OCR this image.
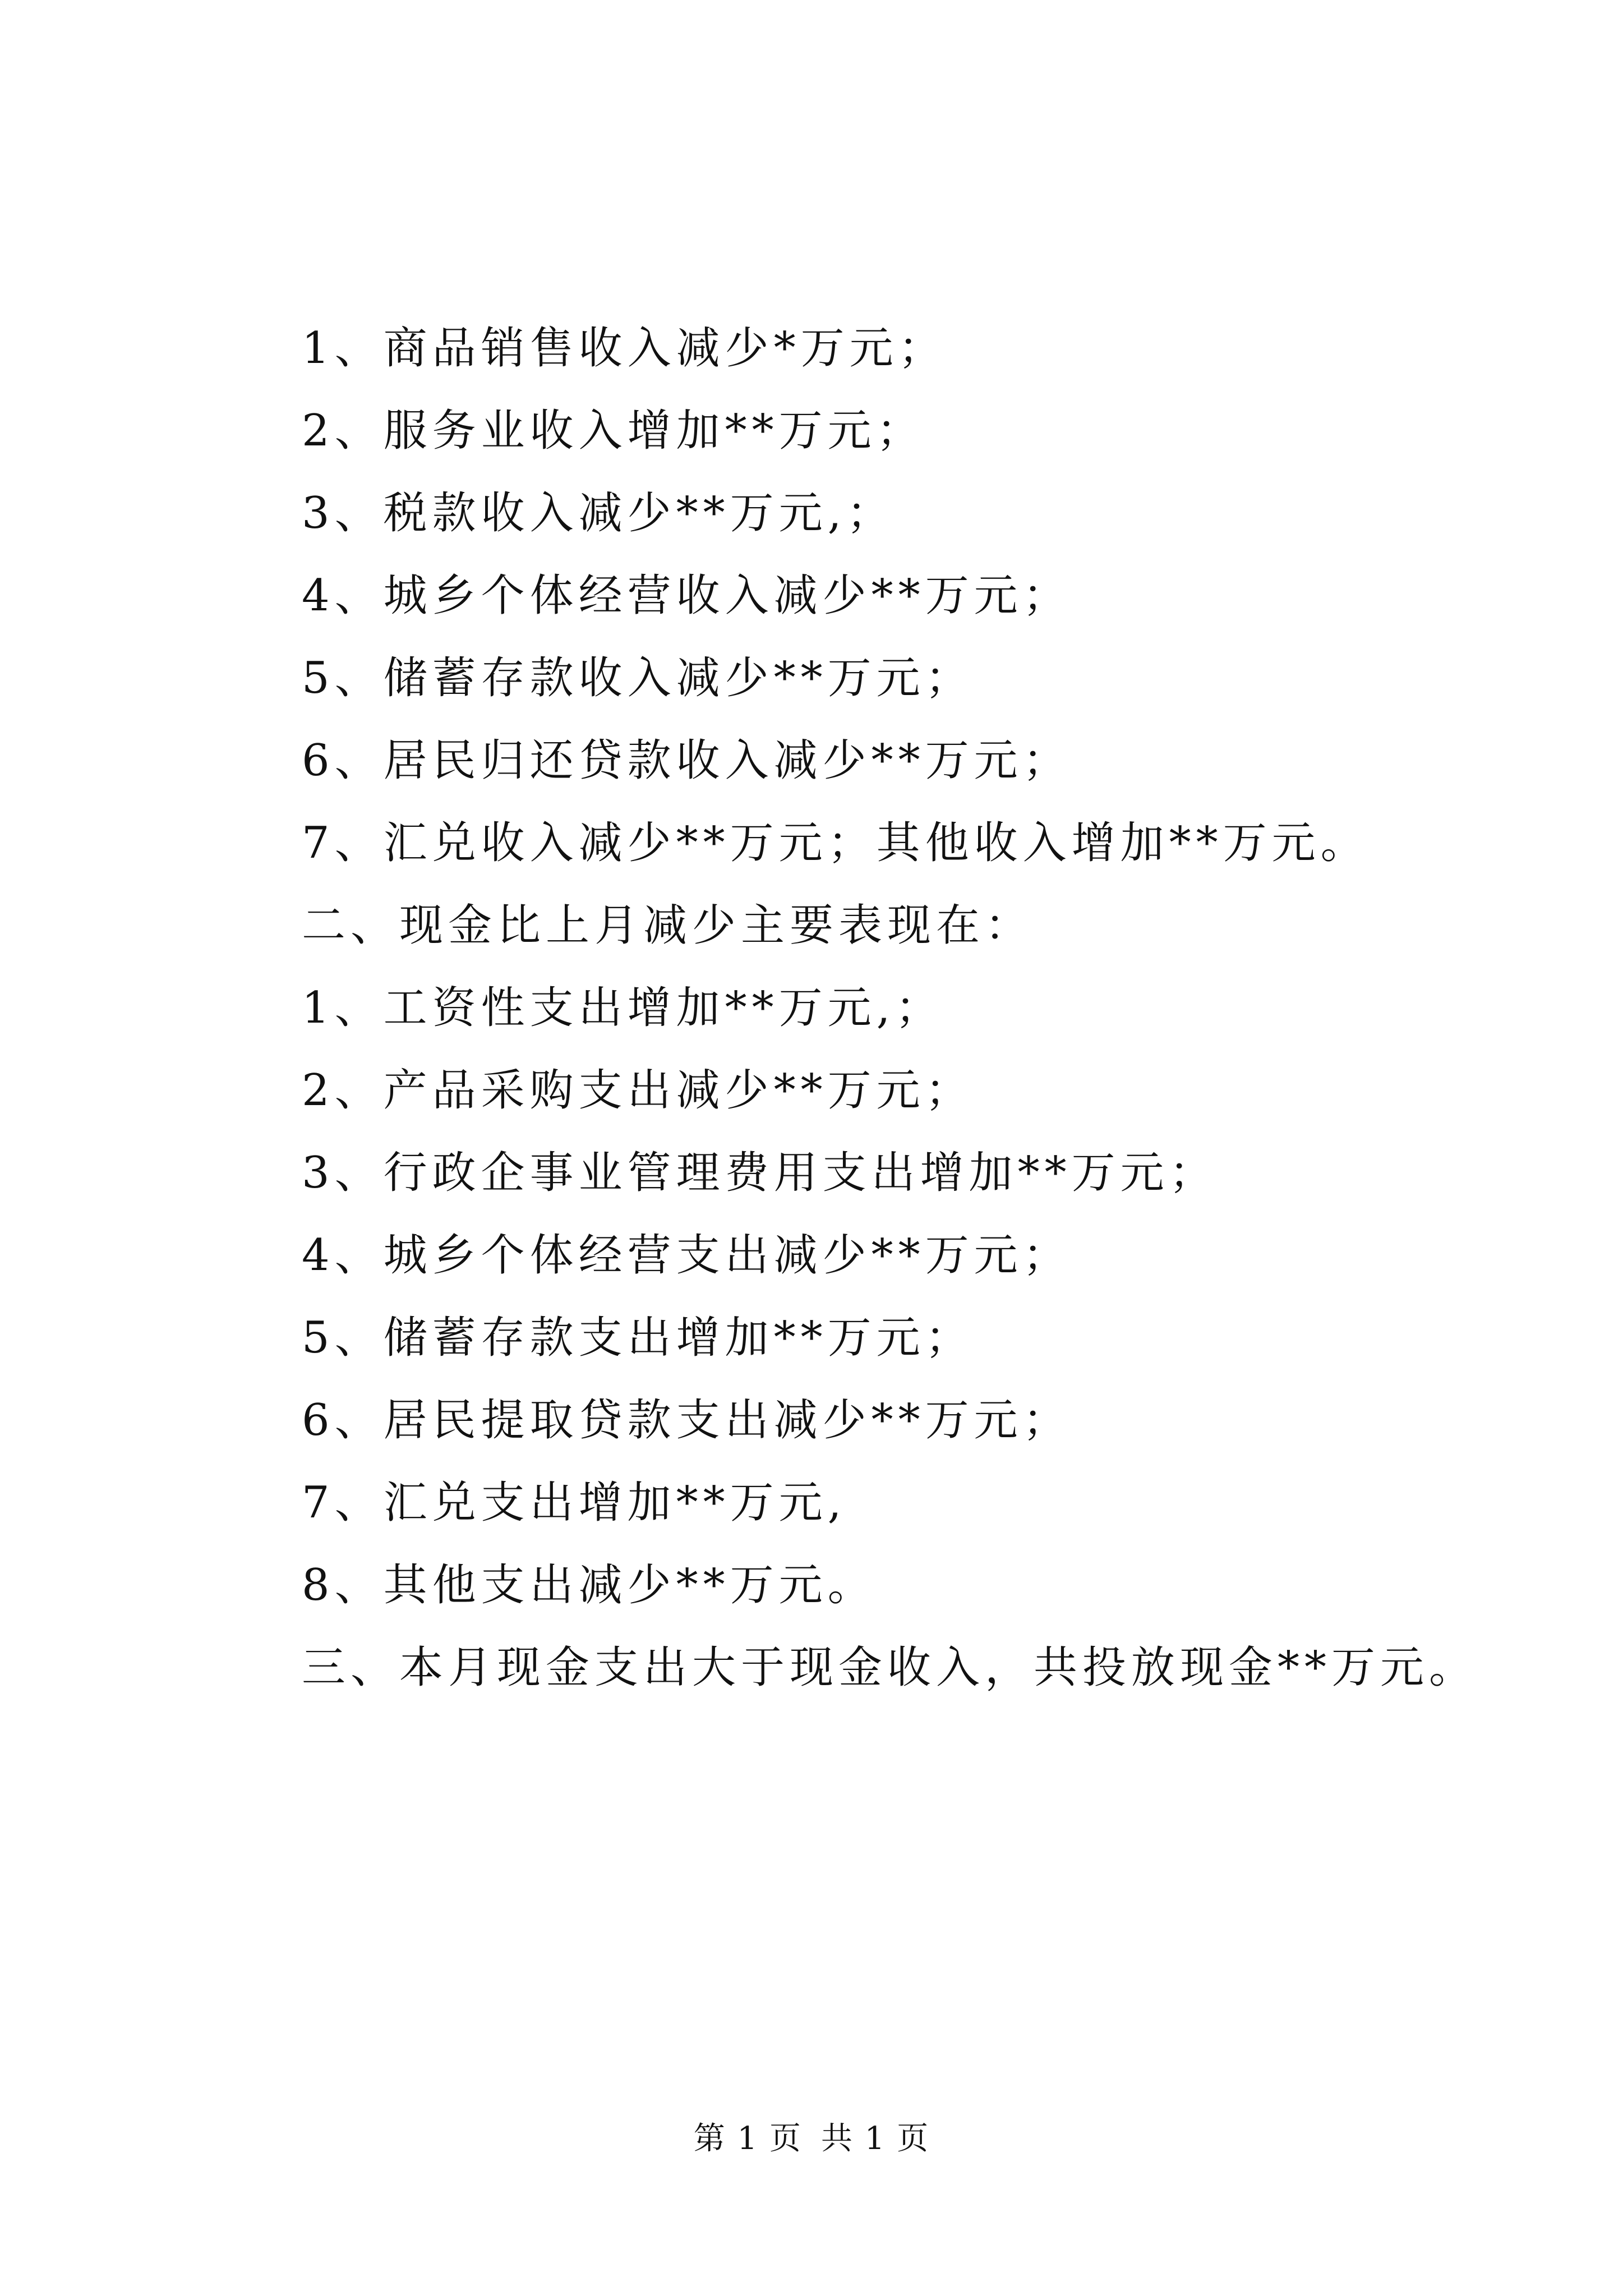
1、商品销售收入减少*万元；
2、服务业收入增加**万元；
3、税款收入减少**万元,；
4、城乡个体经营收入减少**万元；
5、储蓄存款收入减少**万元；
6、居民归还贷款收入减少**万元；
7、汇兑收入减少**万元；其他收入增加**万元。
二、现金比上月减少主要表现在：
1、工资性支出增加**万元,；
2、产品采购支出减少**万元；
3、行政企事业管理费用支出增加**万元；
4、城乡个体经营支出减少**万元；
5、储蓄存款支出增加**万元；
6、居民提取贷款支出减少**万元；
7、汇兑支出增加**万元,
8、其他支出减少**万元。
三、本月现金支出大于现金收入，共投放现金**万元。
第 1 页 共 1 页
